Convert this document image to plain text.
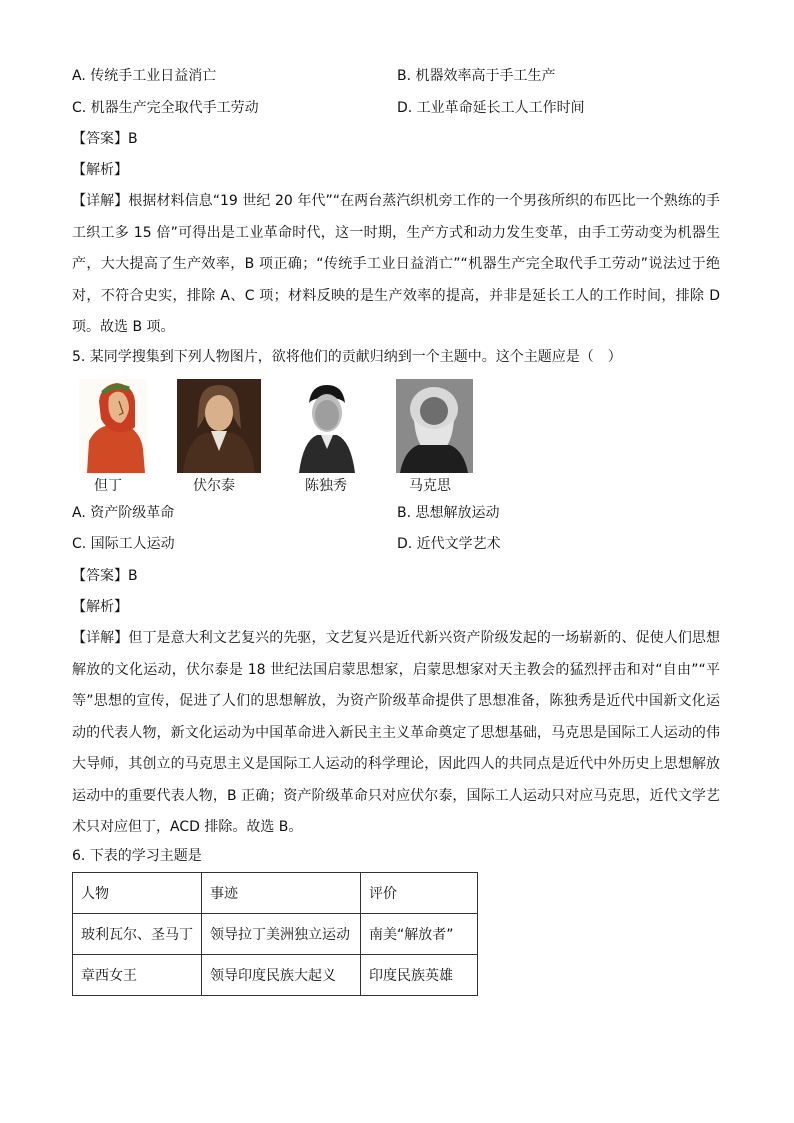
A. 传统手工业日益消亡	B. 机器效率高于手工生产
C. 机器生产完全取代手工劳动	D. 工业革命延长工人工作时间
【答案】B
【解析】
【详解】根据材料信息“19 世纪 20 年代”“在两台蒸汽织机旁工作的一个男孩所织的布匹比一个熟练的手工织工多 15 倍”可得出是工业革命时代，这一时期，生产方式和动力发生变革，由手工劳动变为机器生产，大大提高了生产效率，B 项正确；“传统手工业日益消亡”“机器生产完全取代手工劳动”说法过于绝对，不符合史实，排除 A、C 项；材料反映的是生产效率的提高，并非是延长工人的工作时间，排除 D 项。故选 B 项。
5. 某同学搜集到下列人物图片，欲将他们的贡献归纳到一个主题中。这个主题应是（　）
但丁	伏尔泰	陈独秀	马克思
A. 资产阶级革命	B. 思想解放运动
C. 国际工人运动	D. 近代文学艺术
【答案】B
【解析】
【详解】但丁是意大利文艺复兴的先驱，文艺复兴是近代新兴资产阶级发起的一场崭新的、促使人们思想解放的文化运动，伏尔泰是 18 世纪法国启蒙思想家，启蒙思想家对天主教会的猛烈抨击和对“自由”“平等”思想的宣传，促进了人们的思想解放，为资产阶级革命提供了思想准备，陈独秀是近代中国新文化运动的代表人物，新文化运动为中国革命进入新民主主义革命奠定了思想基础，马克思是国际工人运动的伟大导师，其创立的马克思主义是国际工人运动的科学理论，因此四人的共同点是近代中外历史上思想解放运动中的重要代表人物，B 正确；资产阶级革命只对应伏尔泰，国际工人运动只对应马克思，近代文学艺术只对应但丁，ACD 排除。故选 B。
6. 下表的学习主题是
人物	事迹	评价
玻利瓦尔、圣马丁	领导拉丁美洲独立运动	南美“解放者”
章西女王	领导印度民族大起义	印度民族英雄
